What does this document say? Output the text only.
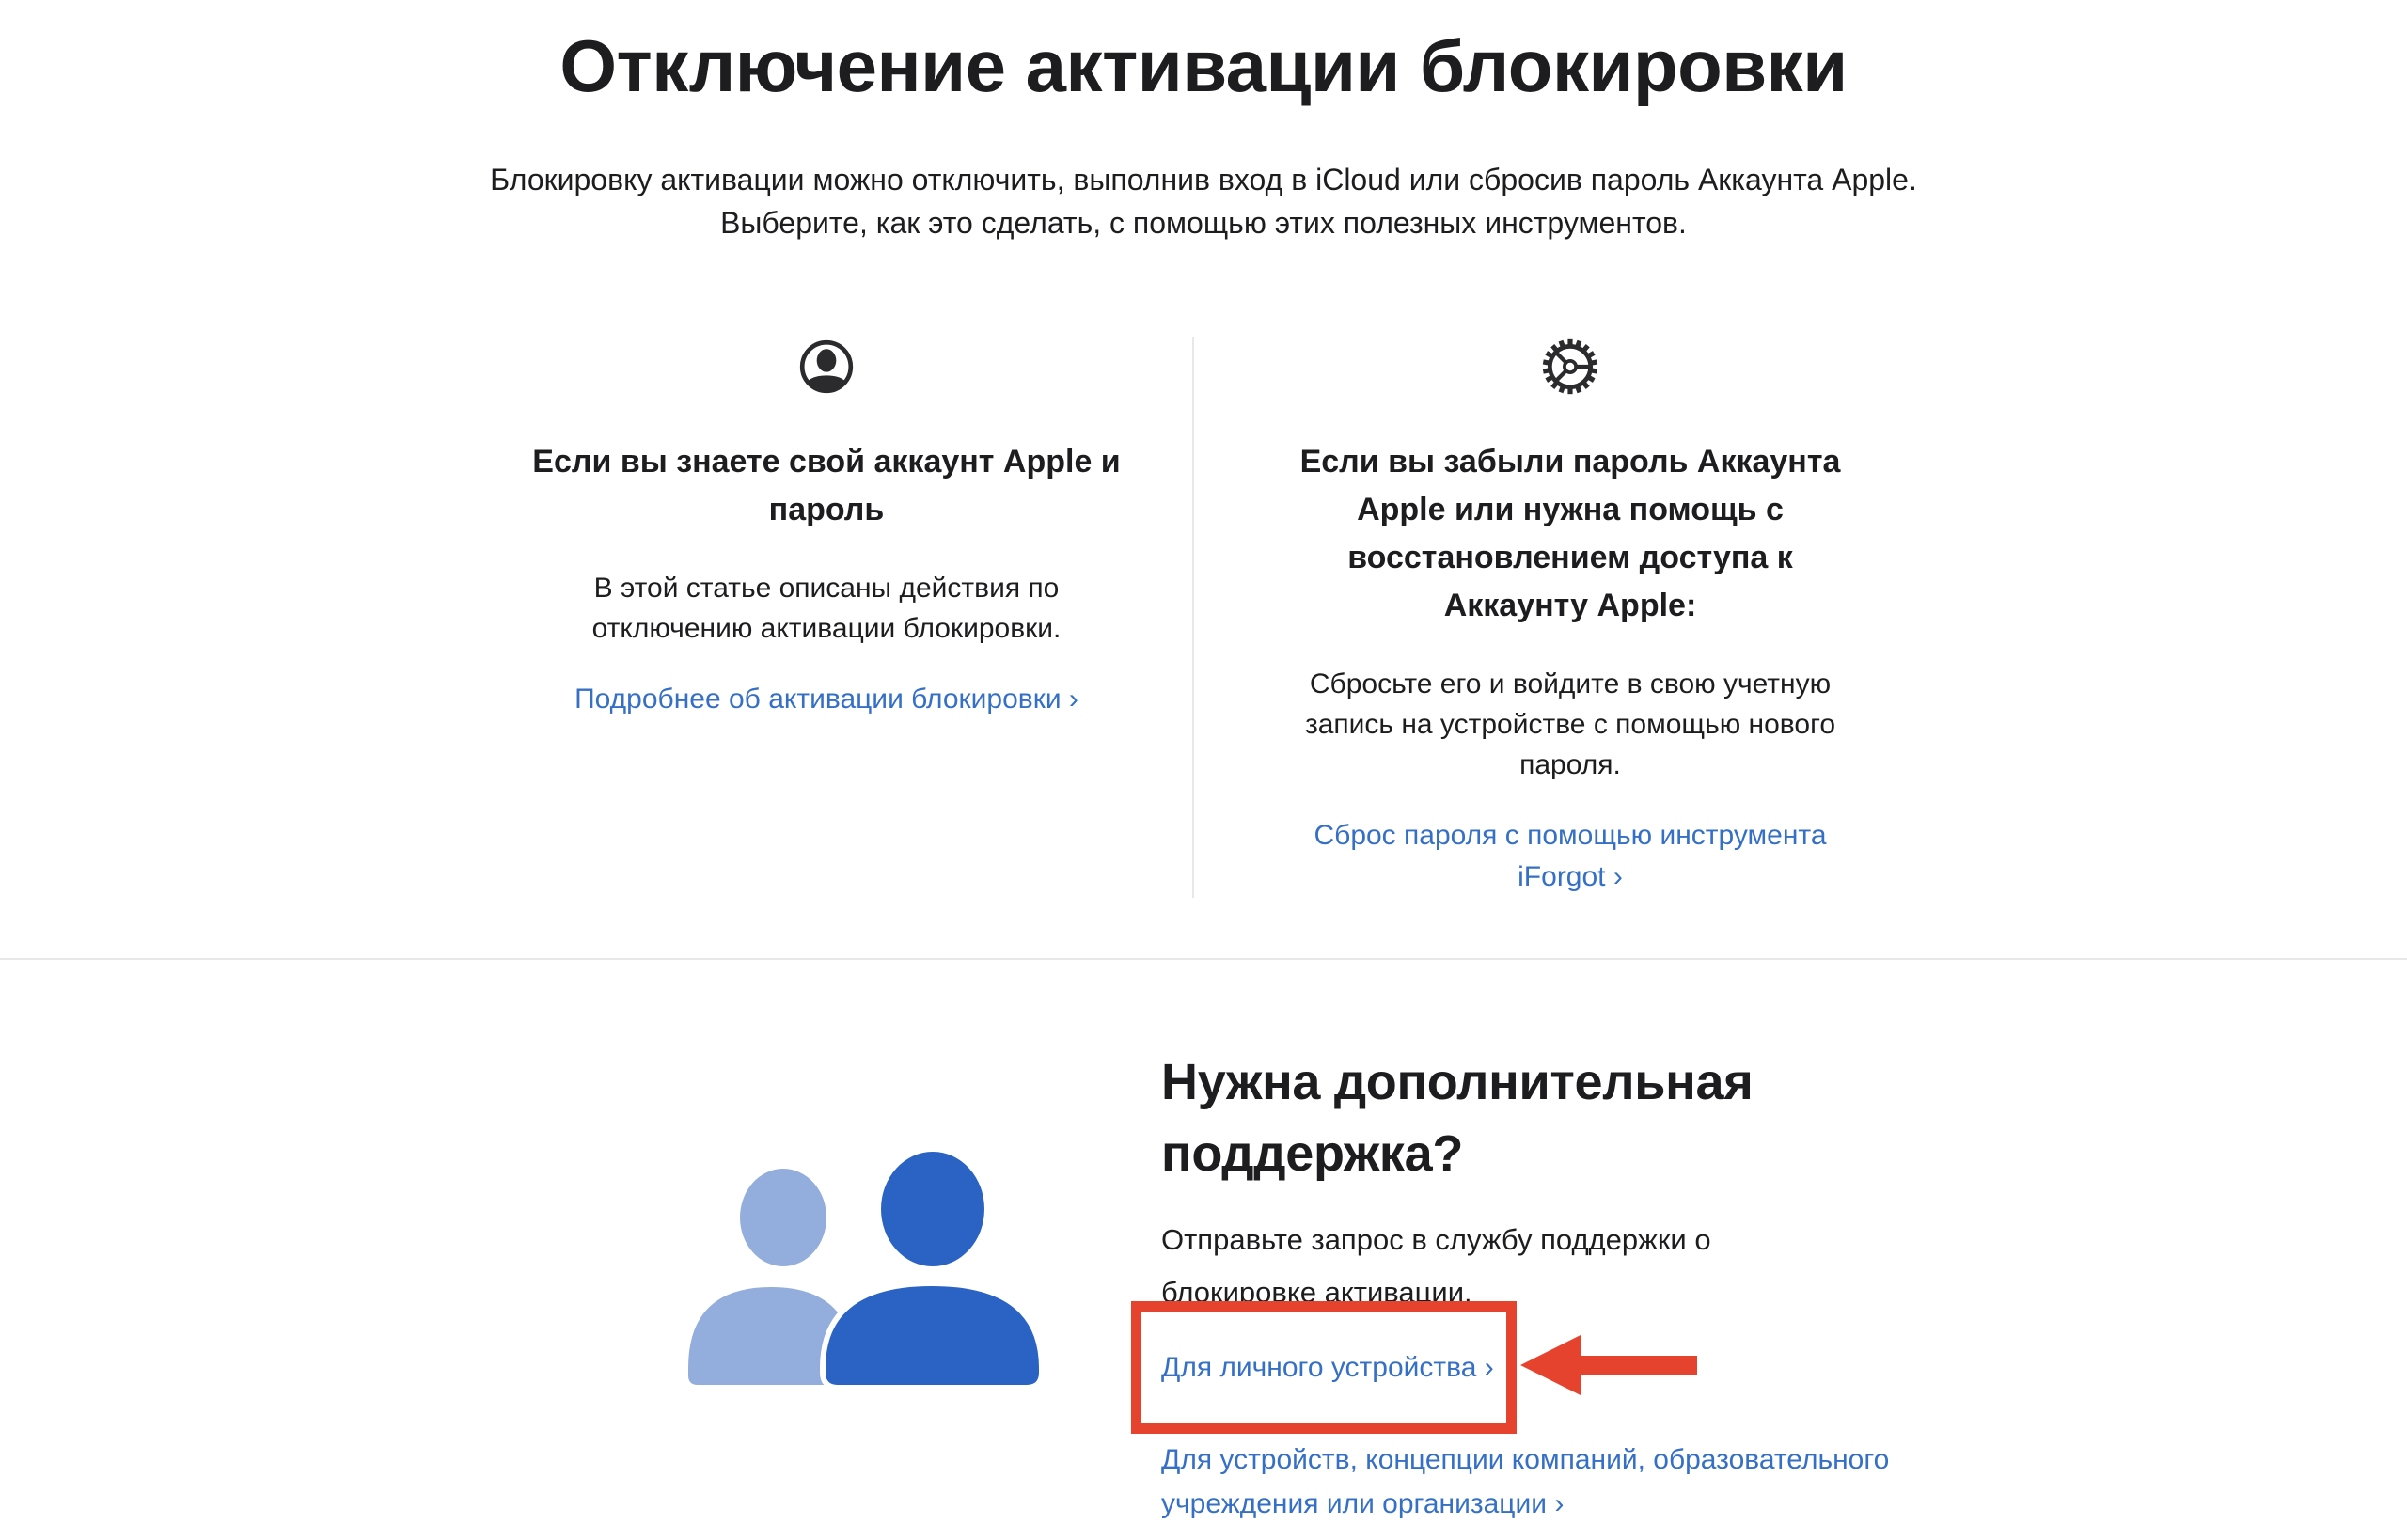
Отключение активации блокировки

Блокировку активации можно отключить, выполнив вход в iCloud или сбросив пароль Аккаунта Apple. Выберите, как это сделать, с помощью этих полезных инструментов.

Если вы знаете свой аккаунт Apple и пароль

В этой статье описаны действия по отключению активации блокировки.

Подробнее об активации блокировки ›
Если вы забыли пароль Аккаунта Apple или нужна помощь с восстановлением доступа к Аккаунту Apple:

Сбросьте его и войдите в свою учетную запись на устройстве с помощью нового пароля.

Сброс пароля с помощью инструмента iForgot ›
Нужна дополнительная поддержка?

Отправьте запрос в службу поддержки о блокировке активации.

Для личного устройства ›
Для устройств, концепции компаний, образовательного учреждения или организации ›
